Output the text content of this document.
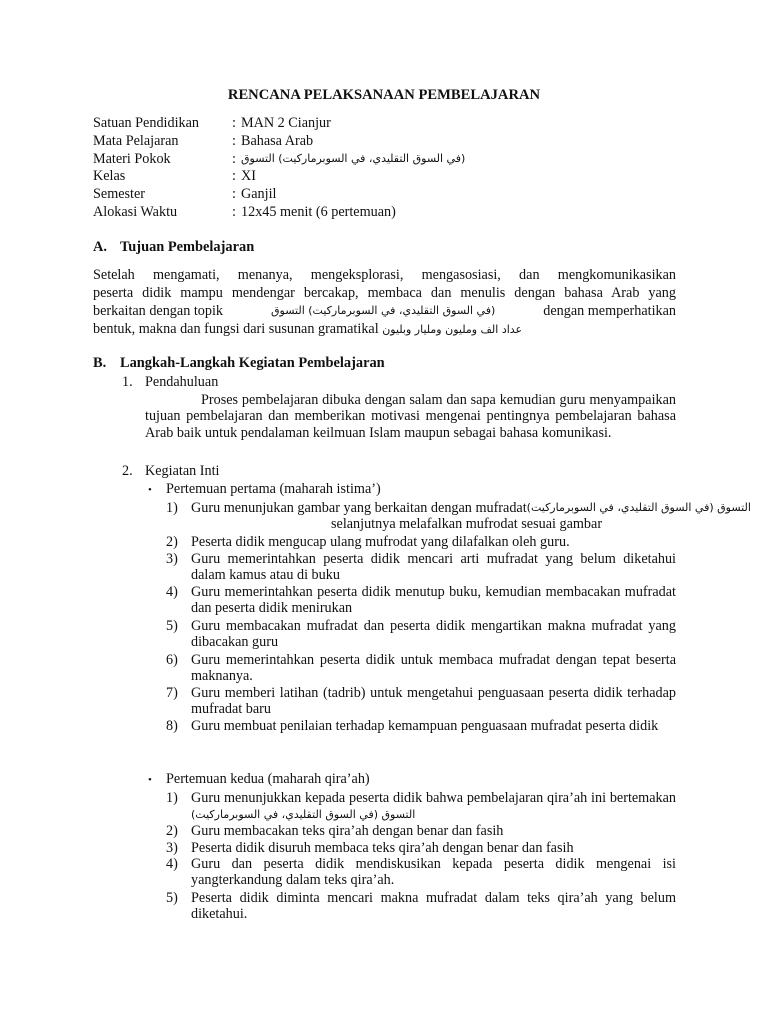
RENCANA PELAKSANAAN PEMBELAJARAN
Satuan Pendidikan	: MAN 2 Cianjur
Mata Pelajaran	: Bahasa Arab
Materi Pokok	: (في السوق التقليدي، في السوبرماركيت) التسوق
Kelas	: XI
Semester	: Ganjil
Alokasi Waktu	: 12x45 menit (6 pertemuan)
A. Tujuan Pembelajaran
Setelah mengamati, menanya, mengeksplorasi, mengasosiasi, dan mengkomunikasikan
peserta didik mampu mendengar bercakap, membaca dan menulis dengan bahasa Arab yang
berkaitan dengan topik	(في السوق التقليدي، في السوبرماركيت) التسوق	dengan memperhatikan
bentuk, makna dan fungsi dari susunan gramatikal عداد الف ومليون ومليار وبليون
B. Langkah-Langkah Kegiatan Pembelajaran
1. Pendahuluan
Proses pembelajaran dibuka dengan salam dan sapa kemudian guru menyampaikan tujuan pembelajaran dan memberikan motivasi mengenai pentingnya pembelajaran bahasa Arab baik untuk pendalaman keilmuan Islam maupun sebagai bahasa komunikasi.
2. Kegiatan Inti
• Pertemuan pertama (maharah istima’)
1) Guru menunjukan gambar yang berkaitan dengan mufradat التسوق (في السوق التقليدي، في السوبرماركيت)
selanjutnya melafalkan mufrodat sesuai gambar
2) Peserta didik mengucap ulang mufrodat yang dilafalkan oleh guru.
3) Guru memerintahkan peserta didik mencari arti mufradat yang belum diketahui dalam kamus atau di buku
4) Guru memerintahkan peserta didik menutup buku, kemudian membacakan mufradat dan peserta didik menirukan
5) Guru membacakan mufradat dan peserta didik mengartikan makna mufradat yang dibacakan guru
6) Guru memerintahkan peserta didik untuk membaca mufradat dengan tepat beserta maknanya.
7) Guru memberi latihan (tadrib) untuk mengetahui penguasaan peserta didik terhadap mufradat baru
8) Guru membuat penilaian terhadap kemampuan penguasaan mufradat peserta didik
• Pertemuan kedua (maharah qira’ah)
1) Guru menunjukkan kepada peserta didik bahwa pembelajaran qira’ah ini bertemakan التسوق (في السوق التقليدي، في السوبرماركيت)
2) Guru membacakan teks qira’ah dengan benar dan fasih
3) Peserta didik disuruh membaca teks qira’ah dengan benar dan fasih
4) Guru dan peserta didik mendiskusikan kepada peserta didik mengenai isi yangterkandung dalam teks qira’ah.
5) Peserta didik diminta mencari makna mufradat dalam teks qira’ah yang belum diketahui.
